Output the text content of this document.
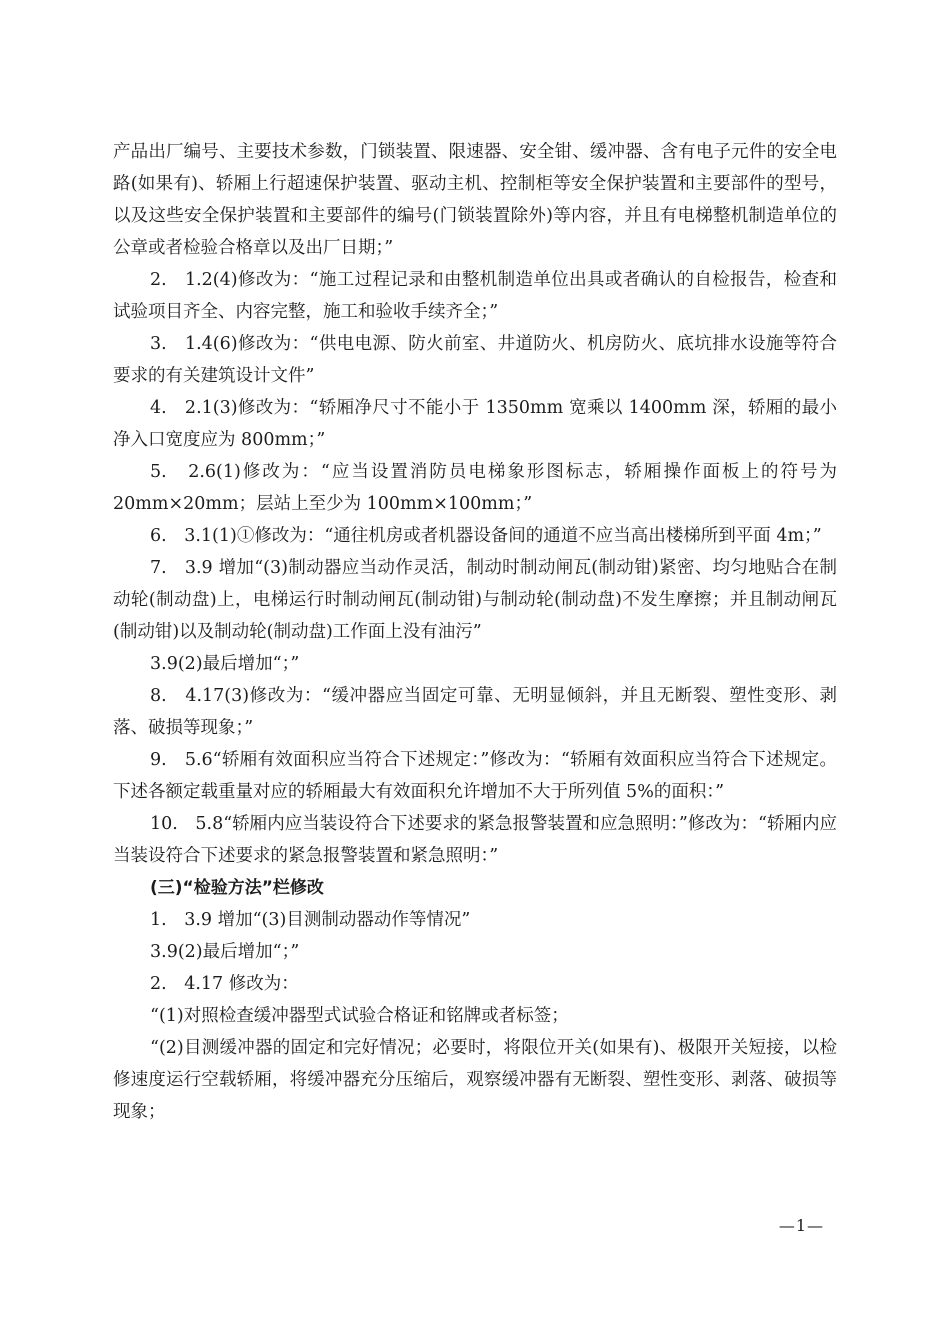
产品出厂编号、主要技术参数，门锁装置、限速器、安全钳、缓冲器、含有电子元件的安全电路(如果有)、轿厢上行超速保护装置、驱动主机、控制柜等安全保护装置和主要部件的型号，以及这些安全保护装置和主要部件的编号(门锁装置除外)等内容，并且有电梯整机制造单位的公章或者检验合格章以及出厂日期；”

2.　1.2(4)修改为：“施工过程记录和由整机制造单位出具或者确认的自检报告，检查和试验项目齐全、内容完整，施工和验收手续齐全；”

3.　1.4(6)修改为：“供电电源、防火前室、井道防火、机房防火、底坑排水设施等符合要求的有关建筑设计文件”

4.　2.1(3)修改为：“轿厢净尺寸不能小于 1350mm 宽乘以 1400mm 深，轿厢的最小净入口宽度应为 800mm；”

5.　2.6(1)修改为：“应当设置消防员电梯象形图标志，轿厢操作面板上的符号为 20mm×20mm；层站上至少为 100mm×100mm；”

6.　3.1(1)①修改为：“通往机房或者机器设备间的通道不应当高出楼梯所到平面 4m；”

7.　3.9 增加“(3)制动器应当动作灵活，制动时制动闸瓦(制动钳)紧密、均匀地贴合在制动轮(制动盘)上，电梯运行时制动闸瓦(制动钳)与制动轮(制动盘)不发生摩擦；并且制动闸瓦(制动钳)以及制动轮(制动盘)工作面上没有油污”

3.9(2)最后增加“；”

8.　4.17(3)修改为：“缓冲器应当固定可靠、无明显倾斜，并且无断裂、塑性变形、剥落、破损等现象；”

9.　5.6“轿厢有效面积应当符合下述规定：”修改为：“轿厢有效面积应当符合下述规定。下述各额定载重量对应的轿厢最大有效面积允许增加不大于所列值 5%的面积：”

10.　5.8“轿厢内应当装设符合下述要求的紧急报警装置和应急照明：”修改为：“轿厢内应当装设符合下述要求的紧急报警装置和紧急照明：”

(三)“检验方法”栏修改

1.　3.9 增加“(3)目测制动器动作等情况”

3.9(2)最后增加“；”

2.　4.17 修改为：

“(1)对照检查缓冲器型式试验合格证和铭牌或者标签；

“(2)目测缓冲器的固定和完好情况；必要时，将限位开关(如果有)、极限开关短接，以检修速度运行空载轿厢，将缓冲器充分压缩后，观察缓冲器有无断裂、塑性变形、剥落、破损等现象；

—1—
